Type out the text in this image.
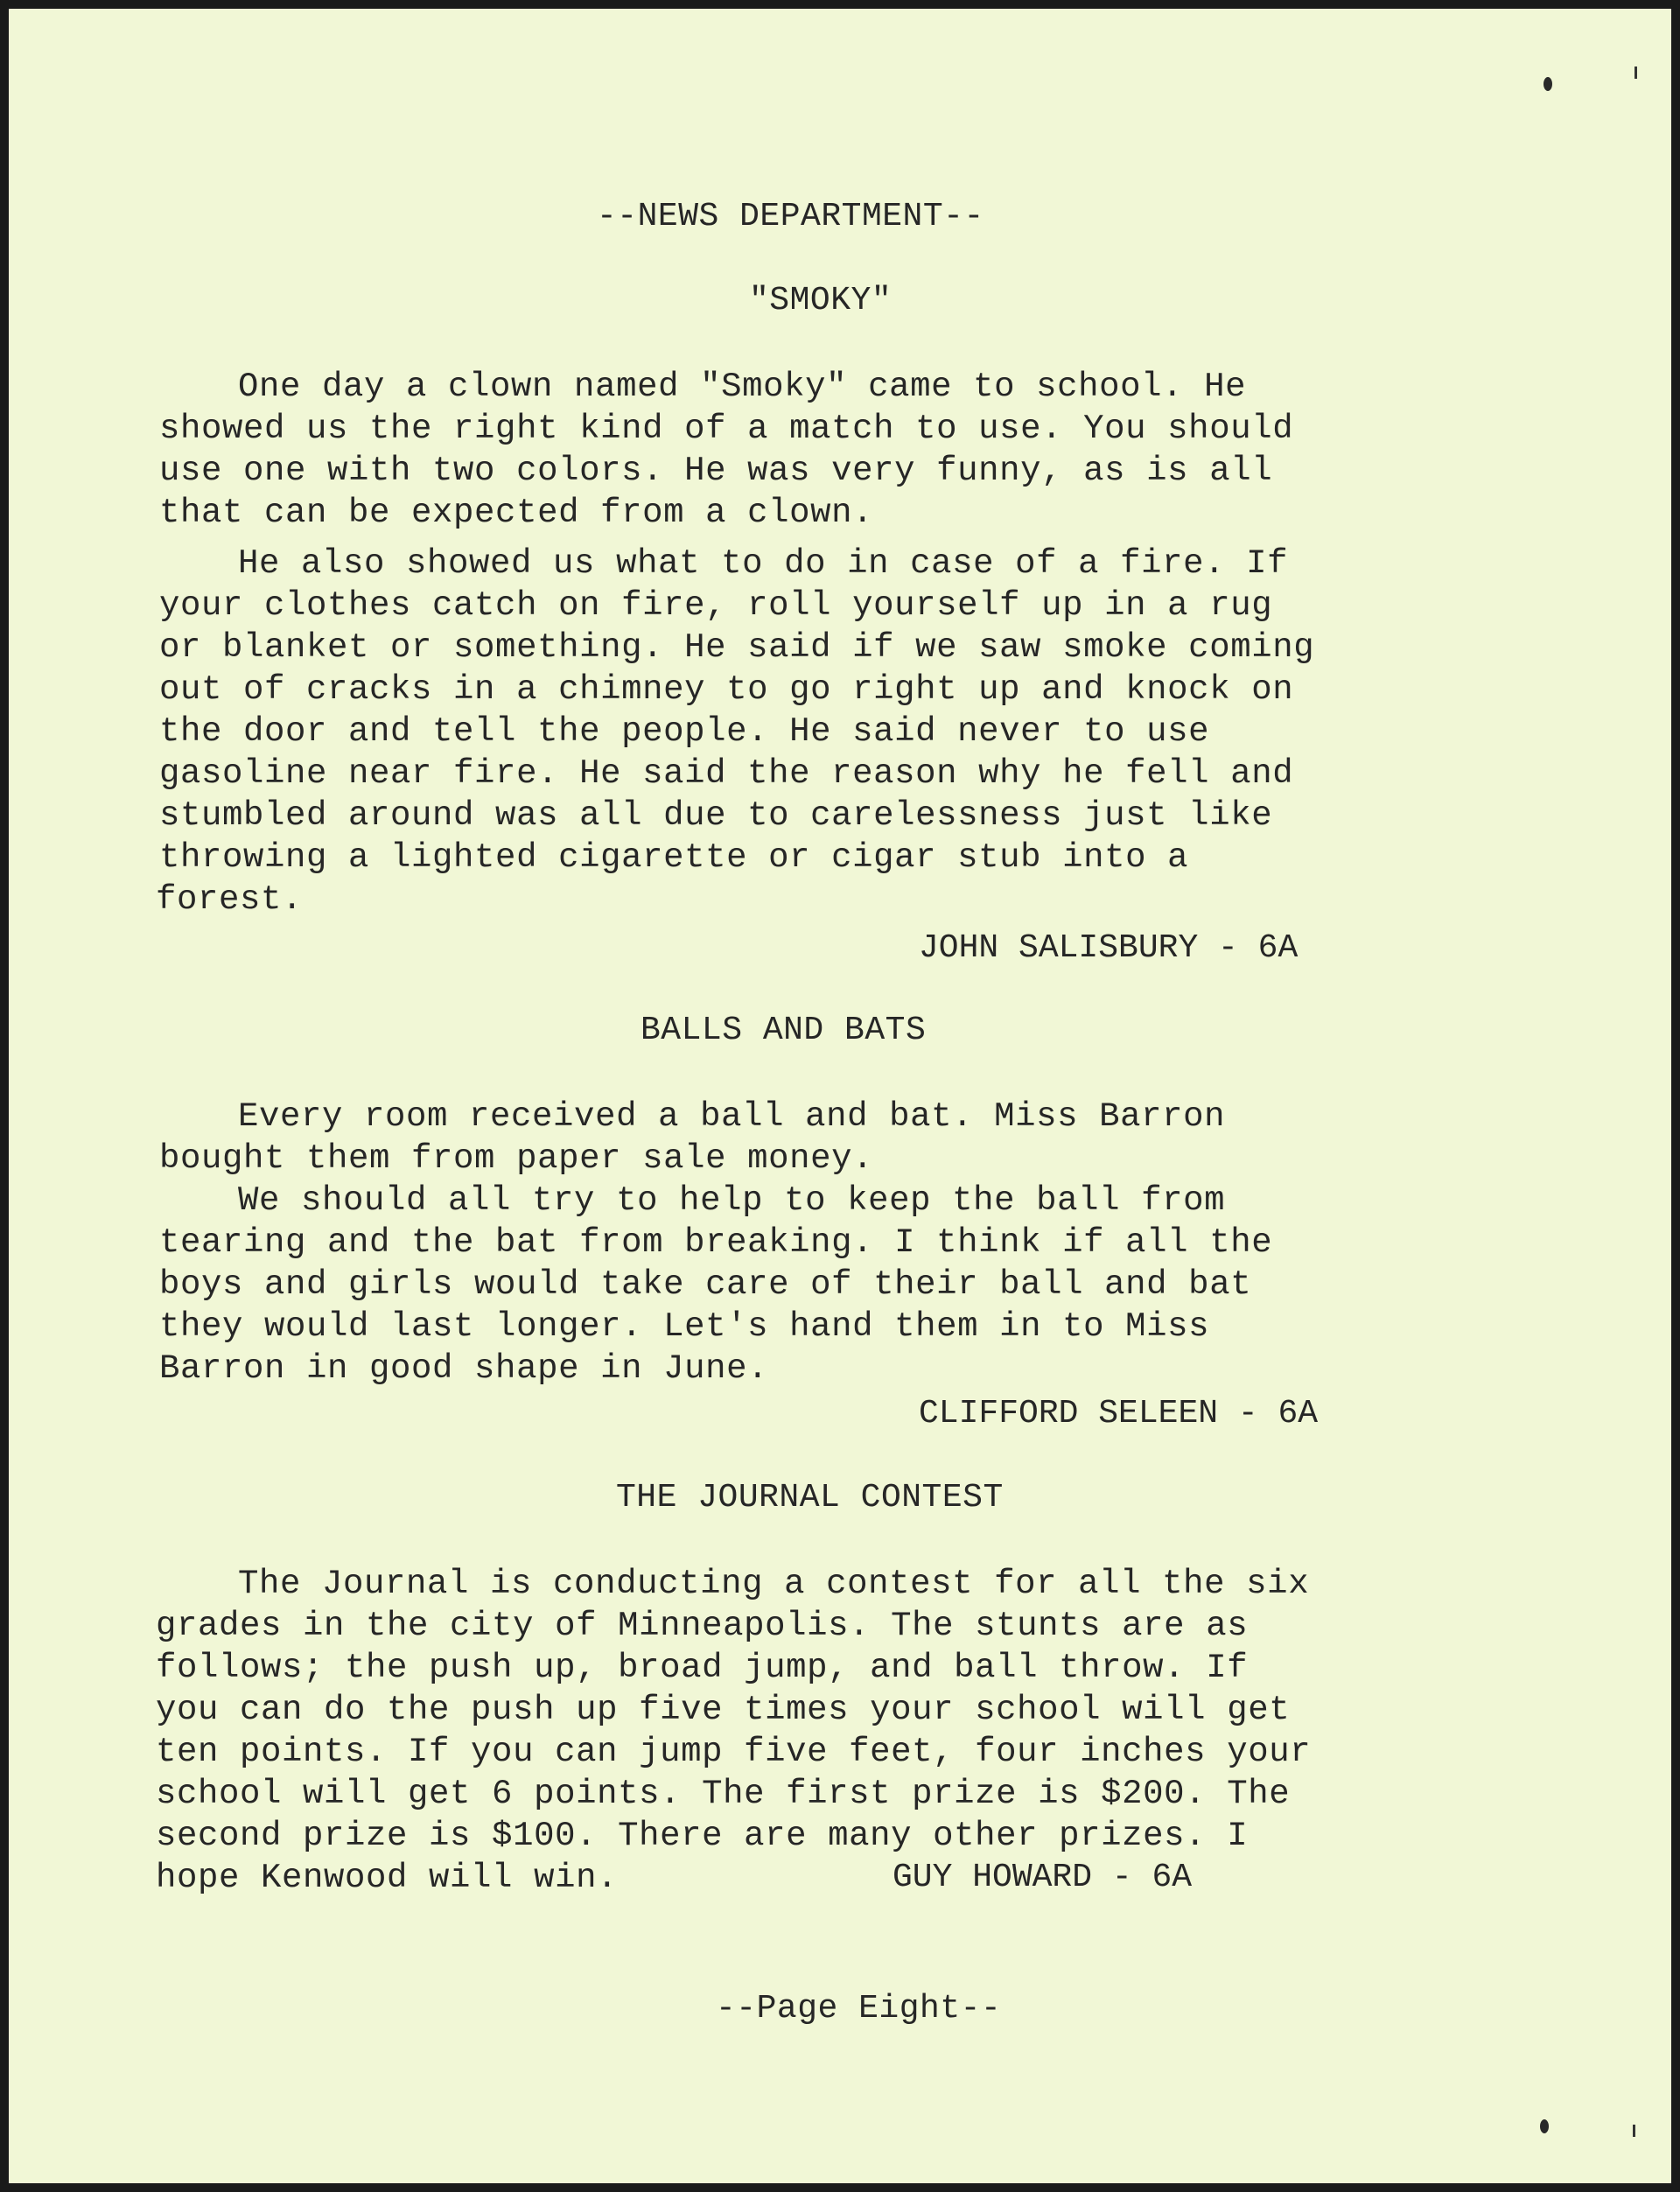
--NEWS DEPARTMENT--

"SMOKY"

One day a clown named "Smoky" came to school. He

showed us the right kind of a match to use. You should

use one with two colors. He was very funny, as is all

that can be expected from a clown.

He also showed us what to do in case of a fire. If

your clothes catch on fire, roll yourself up in a rug

or blanket or something. He said if we saw smoke coming

out of cracks in a chimney to go right up and knock on

the door and tell the people. He said never to use

gasoline near fire. He said the reason why he fell and

stumbled around was all due to carelessness just like

throwing a lighted cigarette or cigar stub into a

forest.

JOHN SALISBURY - 6A

BALLS AND BATS

Every room received a ball and bat. Miss Barron

bought them from paper sale money.

We should all try to help to keep the ball from

tearing and the bat from breaking. I think if all the

boys and girls would take care of their ball and bat

they would last longer. Let's hand them in to Miss

Barron in good shape in June.

CLIFFORD SELEEN - 6A

THE JOURNAL CONTEST

The Journal is conducting a contest for all the six

grades in the city of Minneapolis. The stunts are as

follows; the push up, broad jump, and ball throw. If

you can do the push up five times your school will get

ten points. If you can jump five feet, four inches your

school will get 6 points. The first prize is $200. The

second prize is $100. There are many other prizes. I

hope Kenwood will win.	GUY HOWARD - 6A

--Page Eight--
